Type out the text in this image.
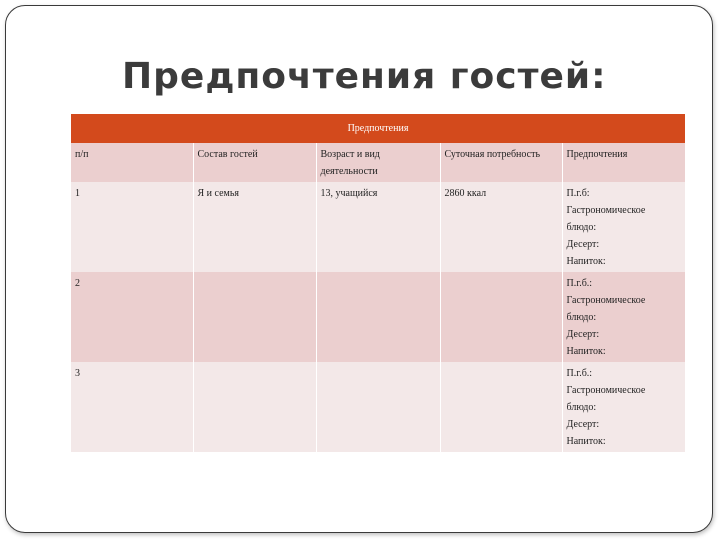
Предпочтения гостей:
Предпочтения				
п/п	Состав гостей	Возраст и вид деятельности	Суточная потребность	Предпочтения
1	Я и семья	13, учащийся	2860 ккал	П.г.б:
Гастрономическое
блюдо:
Десерт:
Напиток:

2				П.г.б.:
Гастрономическое
блюдо:
Десерт:
Напиток:

3				П.г.б.:
Гастрономическое
блюдо:
Десерт:
Напиток:
